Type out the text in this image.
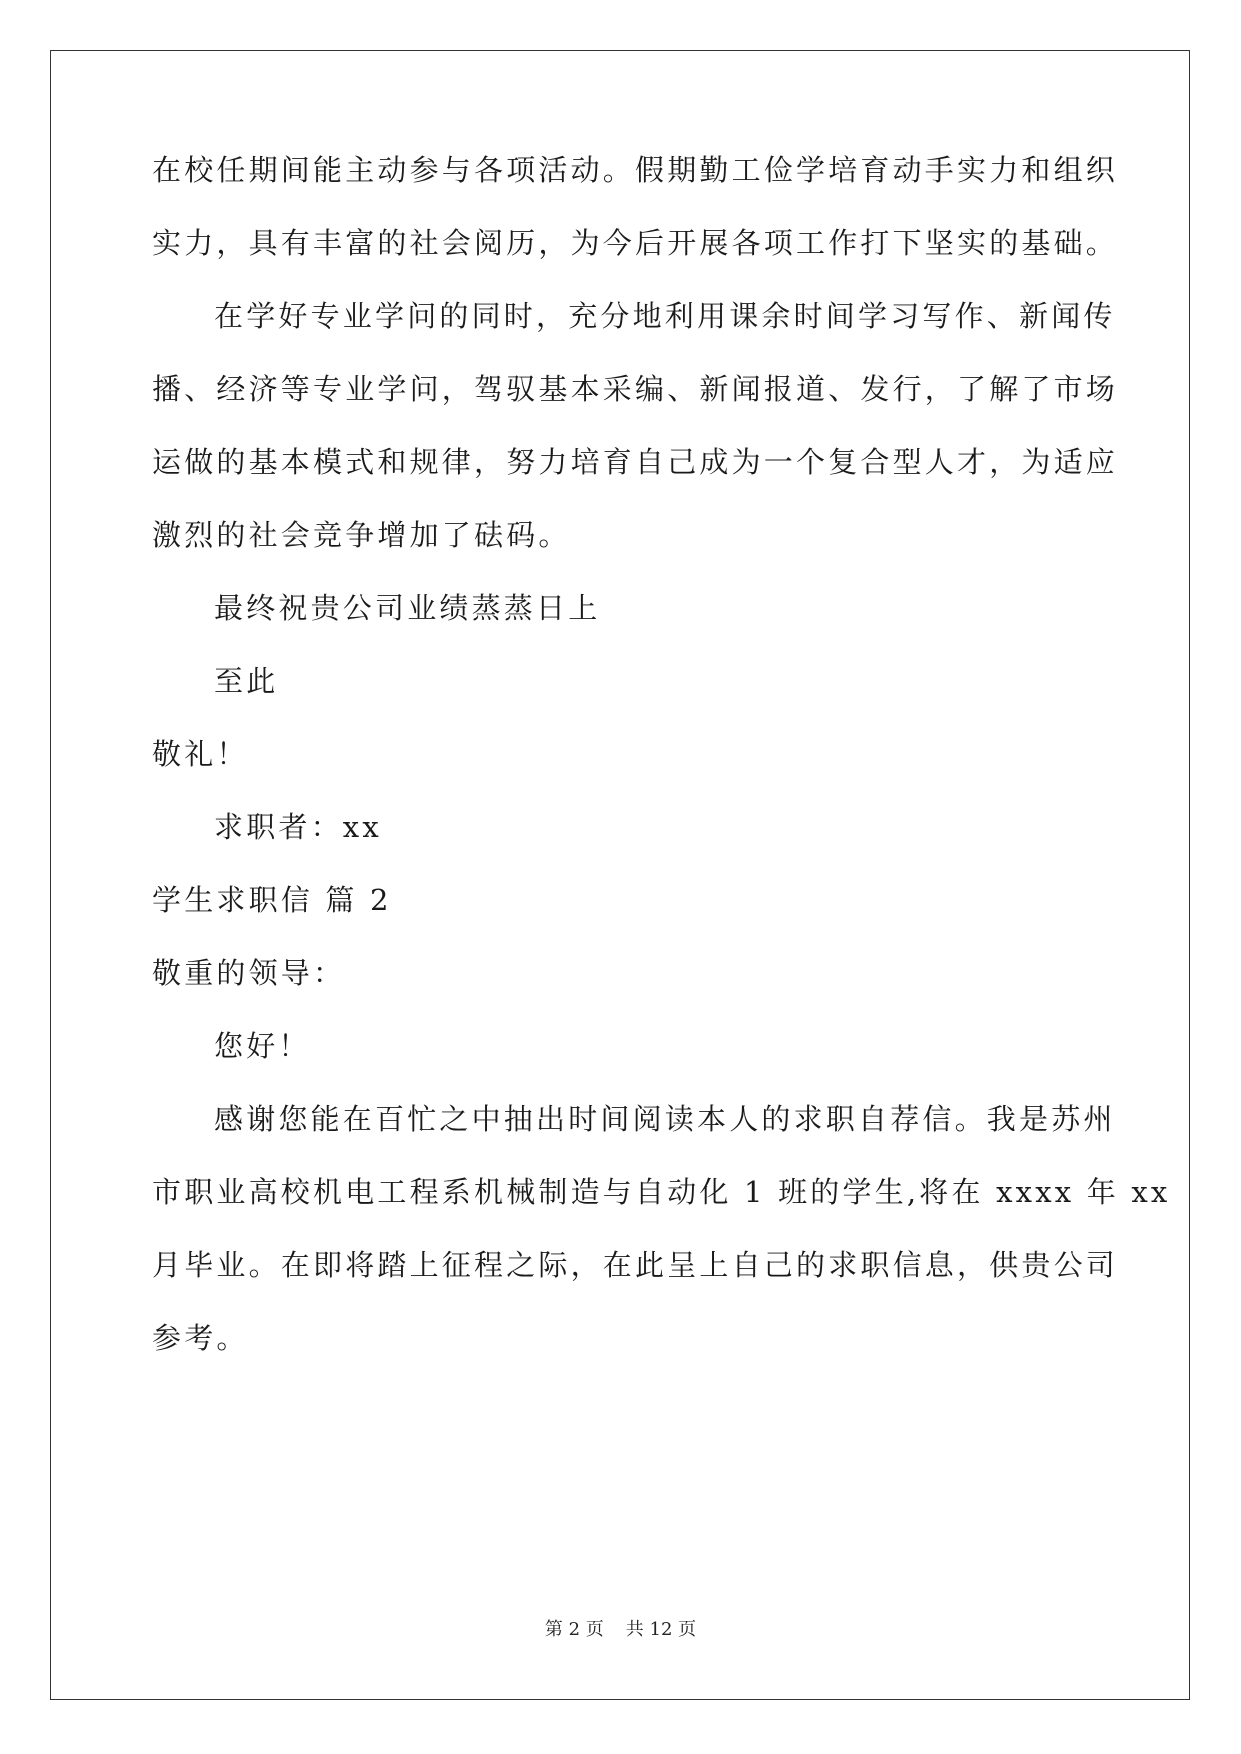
在校任期间能主动参与各项活动。假期勤工俭学培育动手实力和组织
实力，具有丰富的社会阅历，为今后开展各项工作打下坚实的基础。
在学好专业学问的同时，充分地利用课余时间学习写作、新闻传
播、经济等专业学问，驾驭基本采编、新闻报道、发行，了解了市场
运做的基本模式和规律，努力培育自己成为一个复合型人才，为适应
激烈的社会竞争增加了砝码。
最终祝贵公司业绩蒸蒸日上
至此
敬礼！
求职者：xx
学生求职信 篇 2
敬重的领导：
您好！
感谢您能在百忙之中抽出时间阅读本人的求职自荐信。我是苏州
市职业高校机电工程系机械制造与自动化 1 班的学生,将在 xxxx 年 xx
月毕业。在即将踏上征程之际，在此呈上自己的求职信息，供贵公司
参考。
第 2 页 共 12 页
